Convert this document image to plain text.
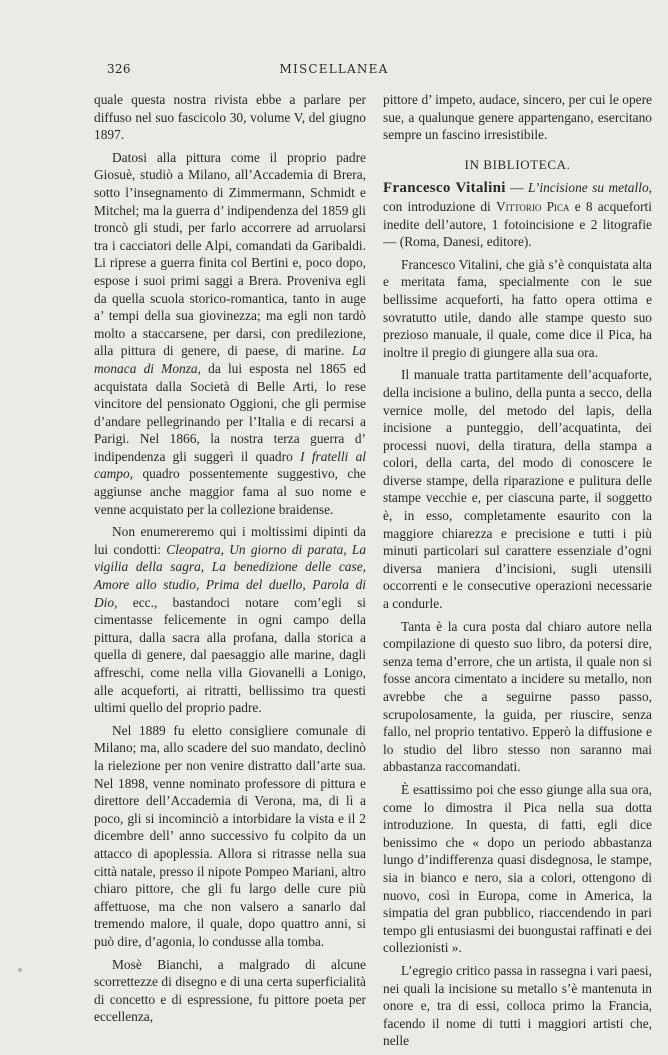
326	MISCELLANEA

quale questa nostra rivista ebbe a parlare per diffuso nel suo fascicolo 30, volume V, del giugno 1897.

Datosi alla pittura come il proprio padre Giosuè, studiò a Milano, all’Accademia di Brera, sotto l’insegnamento di Zimmermann, Schmidt e Mitchel; ma la guerra d’ indipendenza del 1859 gli troncò gli studi, per farlo accorrere ad arruolarsi tra i cacciatori delle Alpi, comandati da Garibaldi. Li riprese a guerra finita col Bertini e, poco dopo, espose i suoi primi saggi a Brera. Proveniva egli da quella scuola storico-romantica, tanto in auge a’ tempi della sua giovinezza; ma egli non tardò molto a staccarsene, per darsi, con predilezione, alla pittura di genere, di paese, di marine. La monaca di Monza, da lui esposta nel 1865 ed acquistata dalla Società di Belle Arti, lo rese vincitore del pensionato Oggioni, che gli permise d’andare pellegrinando per l’Italia e di recarsi a Parigi. Nel 1866, la nostra terza guerra d’ indipendenza gli suggerì il quadro I fratelli al campo, quadro possentemente suggestivo, che aggiunse anche maggior fama al suo nome e venne acquistato per la collezione braidense.

Non enumereremo qui i moltissimi dipinti da lui condotti: Cleopatra, Un giorno di parata, La vigilia della sagra, La benedizione delle case, Amore allo studio, Prima del duello, Parola di Dio, ecc., bastandoci notare com’egli si cimentasse felicemente in ogni campo della pittura, dalla sacra alla profana, dalla storica a quella di genere, dal paesaggio alle marine, dagli affreschi, come nella villa Giovanelli a Lonigo, alle acqueforti, ai ritratti, bellissimo tra questi ultimi quello del proprio padre.

Nel 1889 fu eletto consigliere comunale di Milano; ma, allo scadere del suo mandato, declinò la rielezione per non venire distratto dall’arte sua. Nel 1898, venne nominato professore di pittura e direttore dell’Accademia di Verona, ma, di lì a poco, gli si incominciò a intorbidare la vista e il 2 dicembre dell’ anno successivo fu colpito da un attacco di apoplessia. Allora si ritrasse nella sua città natale, presso il nipote Pompeo Mariani, altro chiaro pittore, che gli fu largo delle cure più affettuose, ma che non valsero a sanarlo dal tremendo malore, il quale, dopo quattro anni, si può dire, d’agonia, lo condusse alla tomba.

Mosè Bianchi, a malgrado di alcune scorrettezze di disegno e di una certa superficialità di concetto e di espressione, fu pittore poeta per eccellenza,

pittore d’ impeto, audace, sincero, per cui le opere sue, a qualunque genere appartengano, esercitano sempre un fascino irresistibile.

IN BIBLIOTECA.

Francesco Vitalini — L’incisione su metallo, con introduzione di Vittorio Pica e 8 acqueforti inedite dell’autore, 1 fotoincisione e 2 litografie — (Roma, Danesi, editore).

Francesco Vitalini, che già s’è conquistata alta e meritata fama, specialmente con le sue bellissime acqueforti, ha fatto opera ottima e sovratutto utile, dando alle stampe questo suo prezioso manuale, il quale, come dice il Pica, ha inoltre il pregio di giungere alla sua ora.

Il manuale tratta partitamente dell’acquaforte, della incisione a bulino, della punta a secco, della vernice molle, del metodo del lapis, della incisione a punteggio, dell’acquatinta, dei processi nuovi, della tiratura, della stampa a colori, della carta, del modo di conoscere le diverse stampe, della riparazione e pulitura delle stampe vecchie e, per ciascuna parte, il soggetto è, in esso, completamente esaurito con la maggiore chiarezza e precisione e tutti i più minuti particolari sul carattere essenziale d’ogni diversa maniera d’incisioni, sugli utensili occorrenti e le consecutive operazioni necessarie a condurle.

Tanta è la cura posta dal chiaro autore nella compilazione di questo suo libro, da potersi dire, senza tema d’errore, che un artista, il quale non si fosse ancora cimentato a incidere su metallo, non avrebbe che a seguirne passo passo, scrupolosamente, la guida, per riuscire, senza fallo, nel proprio tentativo. Epperò la diffusione e lo studio del libro stesso non saranno mai abbastanza raccomandati.

È esattissimo poi che esso giunge alla sua ora, come lo dimostra il Pica nella sua dotta introduzione. In questa, di fatti, egli dice benissimo che « dopo un periodo abbastanza lungo d’indifferenza quasi disdegnosa, le stampe, sia in bianco e nero, sia a colori, ottengono di nuovo, così in Europa, come in America, la simpatia del gran pubblico, riaccendendo in pari tempo gli entusiasmi dei buongustai raffinati e dei collezionisti ».

L’egregio critico passa in rassegna i vari paesi, nei quali la incisione su metallo s’è mantenuta in onore e, tra di essi, colloca primo la Francia, facendo il nome di tutti i maggiori artisti che, nelle
